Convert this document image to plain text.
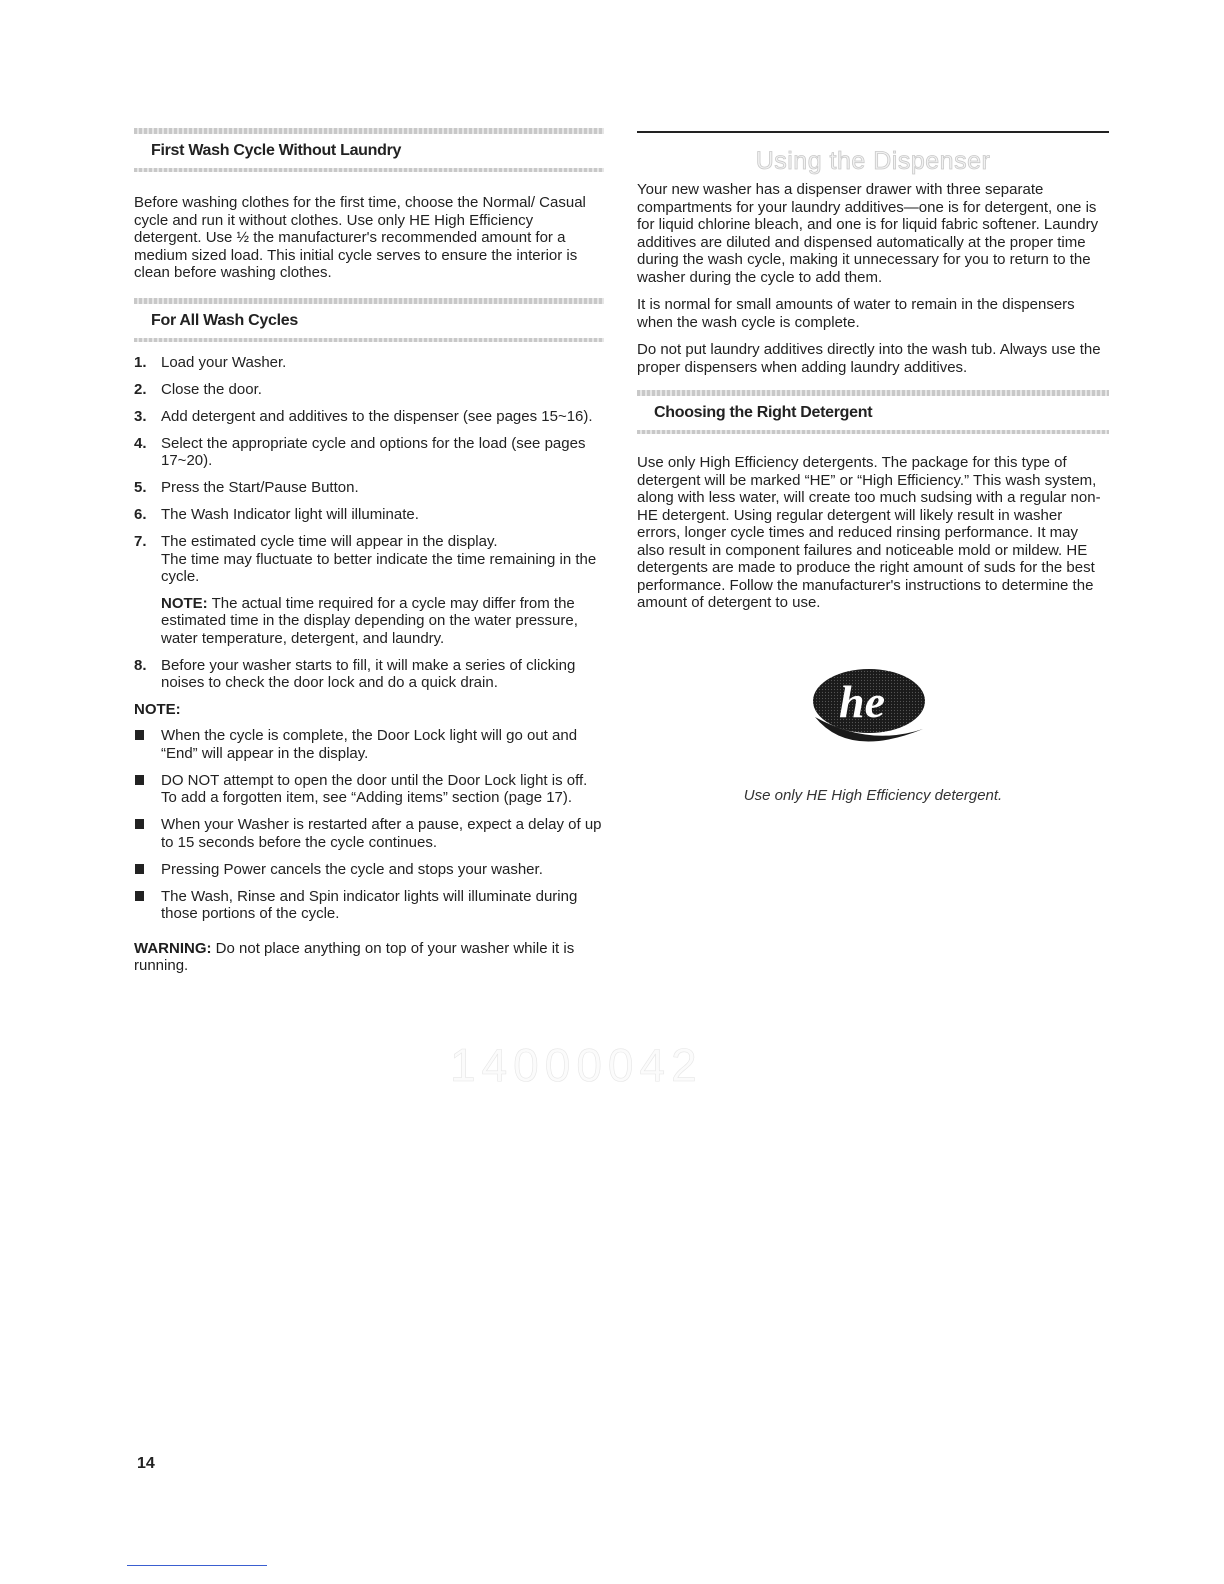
First Wash Cycle Without Laundry

Before washing clothes for the first time, choose the Normal/ Casual cycle and run it without clothes. Use only HE High Efficiency detergent. Use ½ the manufacturer's recommended amount for a medium sized load. This initial cycle serves to ensure the interior is clean before washing clothes.

For All Wash Cycles
1. Load your Washer.
2. Close the door.
3. Add detergent and additives to the dispenser (see pages 15~16).
4. Select the appropriate cycle and options for the load (see pages 17~20).
5. Press the Start/Pause Button.
6. The Wash Indicator light will illuminate.
7. The estimated cycle time will appear in the display.
The time may fluctuate to better indicate the time remaining in the cycle.
NOTE: The actual time required for a cycle may differ from the estimated time in the display depending on the water pressure, water temperature, detergent, and laundry.
8. Before your washer starts to fill, it will make a series of clicking noises to check the door lock and do a quick drain.
NOTE:
When the cycle is complete, the Door Lock light will go out and “End” will appear in the display.
DO NOT attempt to open the door until the Door Lock light is off. To add a forgotten item, see “Adding items” section (page 17).
When your Washer is restarted after a pause, expect a delay of up to 15 seconds before the cycle continues.
Pressing Power cancels the cycle and stops your washer.
The Wash, Rinse and Spin indicator lights will illuminate during those portions of the cycle.
WARNING: Do not place anything on top of your washer while it is running.
Using the Dispenser

Your new washer has a dispenser drawer with three separate compartments for your laundry additives—one is for detergent, one is for liquid chlorine bleach, and one is for liquid fabric softener. Laundry additives are diluted and dispensed automatically at the proper time during the wash cycle, making it unnecessary for you to return to the washer during the cycle to add them.

It is normal for small amounts of water to remain in the dispensers when the wash cycle is complete.

Do not put laundry additives directly into the wash tub. Always use the proper dispensers when adding laundry additives.

Choosing the Right Detergent

Use only High Efficiency detergents. The package for this type of detergent will be marked “HE” or “High Efficiency.” This wash system, along with less water, will create too much sudsing with a regular non-HE detergent. Using regular detergent will likely result in washer errors, longer cycle times and reduced rinsing performance. It may also result in component failures and noticeable mold or mildew. HE detergents are made to produce the right amount of suds for the best performance. Follow the manufacturer's instructions to determine the amount of detergent to use.

he
Use only HE High Efficiency detergent.
14000042
14
